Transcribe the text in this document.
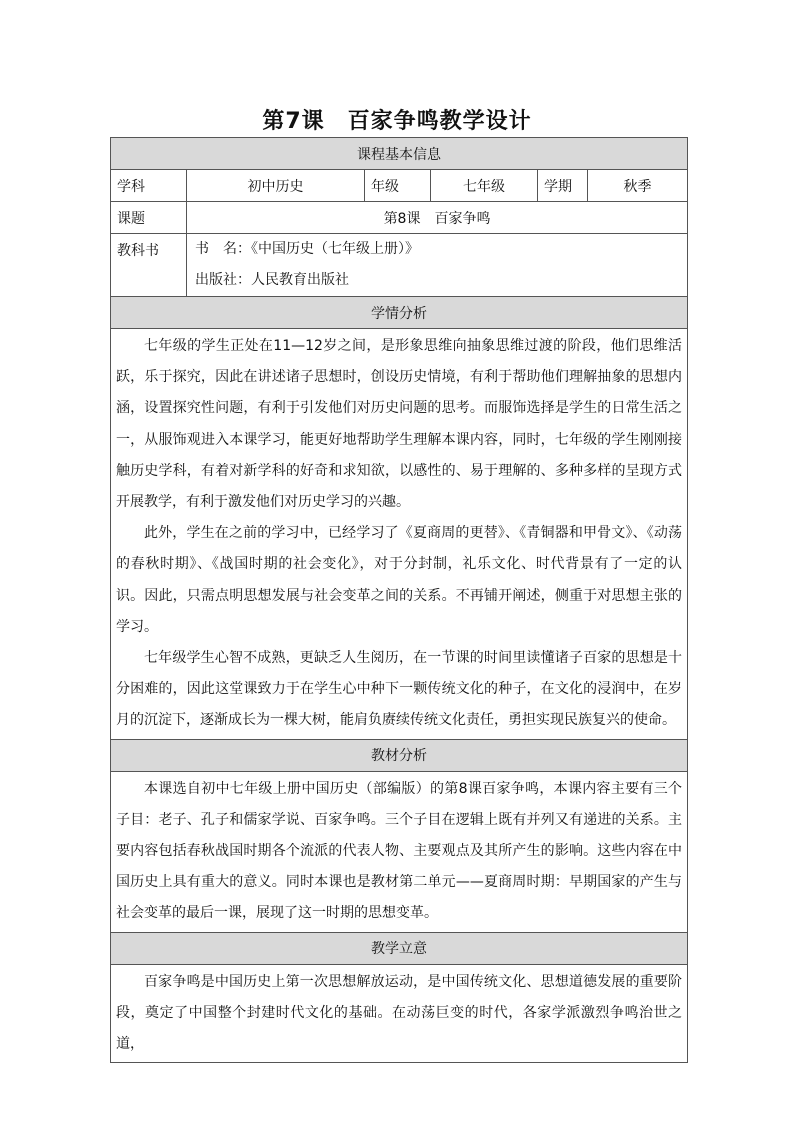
第7课　百家争鸣教学设计
课程基本信息					
学科	初中历史	年级	七年级	学期	秋季
课题	第8课　百家争鸣				
教科书	书　名：《中国历史（七年级上册）》
出版社：人民教育出版社				

学情分析					

七年级的学生正处在11—12岁之间，是形象思维向抽象思维过渡的阶段，他们思维活跃，乐于探究，因此在讲述诸子思想时，创设历史情境，有利于帮助他们理解抽象的思想内涵，设置探究性问题，有利于引发他们对历史问题的思考。而服饰选择是学生的日常生活之一，从服饰观进入本课学习，能更好地帮助学生理解本课内容，同时，七年级的学生刚刚接触历史学科，有着对新学科的好奇和求知欲，以感性的、易于理解的、多种多样的呈现方式开展教学，有利于激发他们对历史学习的兴趣。

此外，学生在之前的学习中，已经学习了《夏商周的更替》、《青铜器和甲骨文》、《动荡的春秋时期》、《战国时期的社会变化》，对于分封制，礼乐文化、时代背景有了一定的认识。因此，只需点明思想发展与社会变革之间的关系。不再铺开阐述，侧重于对思想主张的学习。

七年级学生心智不成熟，更缺乏人生阅历，在一节课的时间里读懂诸子百家的思想是十分困难的，因此这堂课致力于在学生心中种下一颗传统文化的种子，在文化的浸润中，在岁月的沉淀下，逐渐成长为一棵大树，能肩负赓续传统文化责任，勇担实现民族复兴的使命。					

教材分析					

本课选自初中七年级上册中国历史（部编版）的第8课百家争鸣，本课内容主要有三个子目：老子、孔子和儒家学说、百家争鸣。三个子目在逻辑上既有并列又有递进的关系。主要内容包括春秋战国时期各个流派的代表人物、主要观点及其所产生的影响。这些内容在中国历史上具有重大的意义。同时本课也是教材第二单元——夏商周时期：早期国家的产生与社会变革的最后一课，展现了这一时期的思想变革。					

教学立意					

百家争鸣是中国历史上第一次思想解放运动，是中国传统文化、思想道德发展的重要阶段，奠定了中国整个封建时代文化的基础。在动荡巨变的时代，各家学派激烈争鸣治世之道，					
